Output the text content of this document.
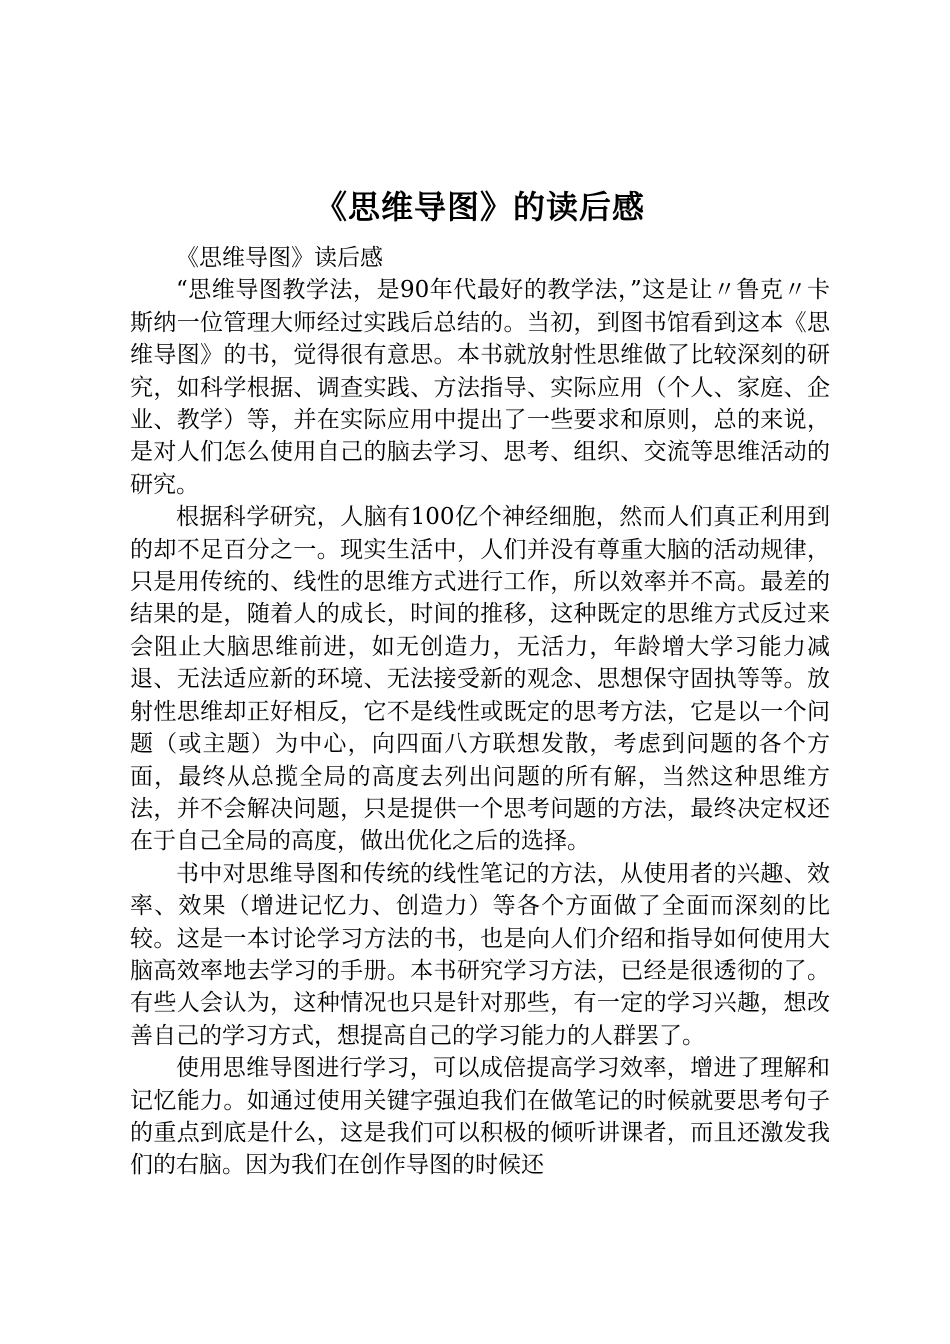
《思维导图》的读后感

《思维导图》读后感

“思维导图教学法，是90年代最好的教学法，”这是让〃鲁克〃卡斯纳一位管理大师经过实践后总结的。当初，到图书馆看到这本《思维导图》的书，觉得很有意思。本书就放射性思维做了比较深刻的研究，如科学根据、调查实践、方法指导、实际应用（个人、家庭、企业、教学）等，并在实际应用中提出了一些要求和原则，总的来说，是对人们怎么使用自己的脑去学习、思考、组织、交流等思维活动的研究。

根据科学研究，人脑有100亿个神经细胞，然而人们真正利用到的却不足百分之一。现实生活中，人们并没有尊重大脑的活动规律，只是用传统的、线性的思维方式进行工作，所以效率并不高。最差的结果的是，随着人的成长，时间的推移，这种既定的思维方式反过来会阻止大脑思维前进，如无创造力，无活力，年龄增大学习能力减退、无法适应新的环境、无法接受新的观念、思想保守固执等等。放射性思维却正好相反，它不是线性或既定的思考方法，它是以一个问题（或主题）为中心，向四面八方联想发散，考虑到问题的各个方面，最终从总揽全局的高度去列出问题的所有解，当然这种思维方法，并不会解决问题，只是提供一个思考问题的方法，最终决定权还在于自己全局的高度，做出优化之后的选择。

书中对思维导图和传统的线性笔记的方法，从使用者的兴趣、效率、效果（增进记忆力、创造力）等各个方面做了全面而深刻的比较。这是一本讨论学习方法的书，也是向人们介绍和指导如何使用大脑高效率地去学习的手册。本书研究学习方法，已经是很透彻的了。有些人会认为，这种情况也只是针对那些，有一定的学习兴趣，想改善自己的学习方式，想提高自己的学习能力的人群罢了。

使用思维导图进行学习，可以成倍提高学习效率，增进了理解和记忆能力。如通过使用关键字强迫我们在做笔记的时候就要思考句子的重点到底是什么，这是我们可以积极的倾听讲课者，而且还激发我们的右脑。因为我们在创作导图的时候还
